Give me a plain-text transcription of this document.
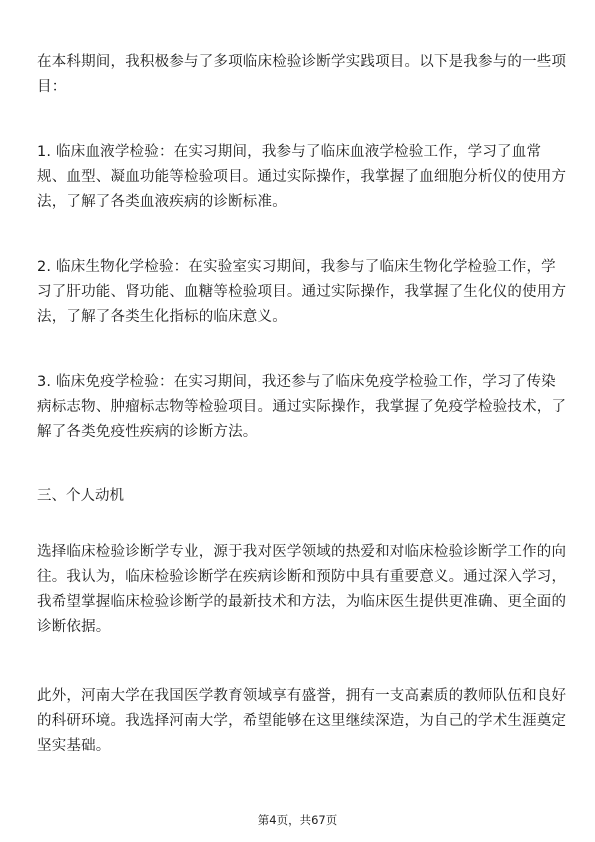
在本科期间，我积极参与了多项临床检验诊断学实践项目。以下是我参与的一些项目：

1. 临床血液学检验：在实习期间，我参与了临床血液学检验工作，学习了血常规、血型、凝血功能等检验项目。通过实际操作，我掌握了血细胞分析仪的使用方法，了解了各类血液疾病的诊断标准。

2. 临床生物化学检验：在实验室实习期间，我参与了临床生物化学检验工作，学习了肝功能、肾功能、血糖等检验项目。通过实际操作，我掌握了生化仪的使用方法，了解了各类生化指标的临床意义。

3. 临床免疫学检验：在实习期间，我还参与了临床免疫学检验工作，学习了传染病标志物、肿瘤标志物等检验项目。通过实际操作，我掌握了免疫学检验技术，了解了各类免疫性疾病的诊断方法。

三、个人动机

选择临床检验诊断学专业，源于我对医学领域的热爱和对临床检验诊断学工作的向往。我认为，临床检验诊断学在疾病诊断和预防中具有重要意义。通过深入学习，我希望掌握临床检验诊断学的最新技术和方法，为临床医生提供更准确、更全面的诊断依据。

此外，河南大学在我国医学教育领域享有盛誉，拥有一支高素质的教师队伍和良好的科研环境。我选择河南大学，希望能够在这里继续深造，为自己的学术生涯奠定坚实基础。

第4页，共67页
